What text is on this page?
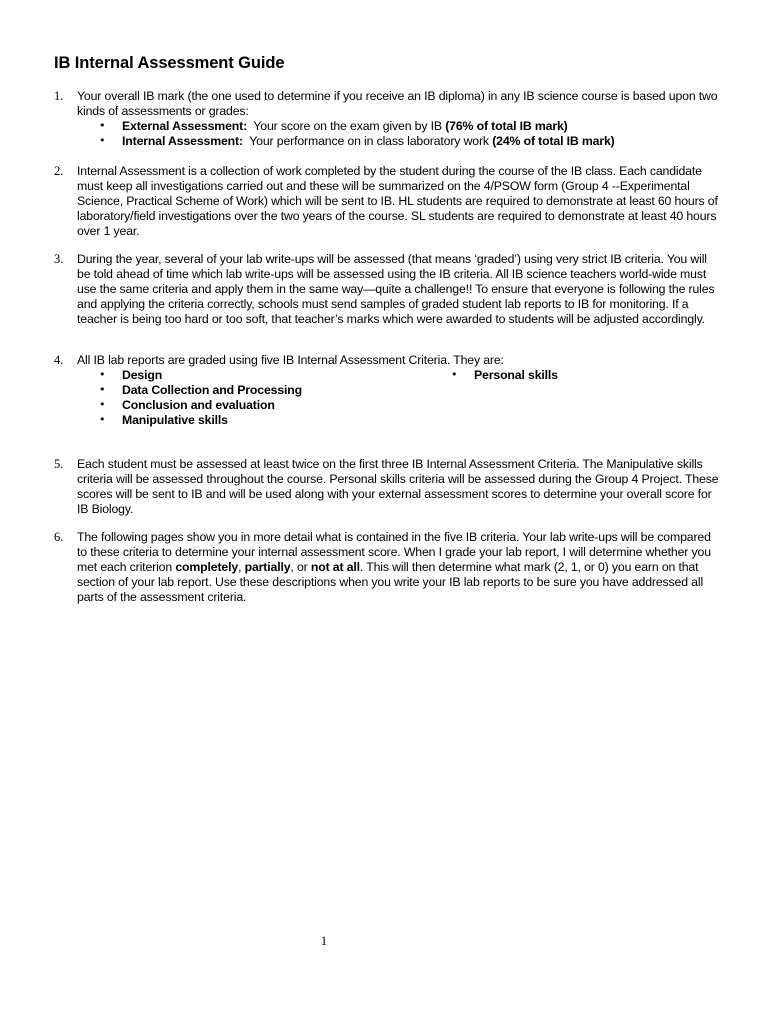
IB Internal Assessment Guide
1. Your overall IB mark (the one used to determine if you receive an IB diploma) in any IB science course is based upon two kinds of assessments or grades:
• External Assessment:  Your score on the exam given by IB (76% of total IB mark)
• Internal Assessment:  Your performance on in class laboratory work (24% of total IB mark)
2. Internal Assessment is a collection of work completed by the student during the course of the IB class. Each candidate must keep all investigations carried out and these will be summarized on the 4/PSOW form (Group 4 --Experimental Science, Practical Scheme of Work) which will be sent to IB. HL students are required to demonstrate at least 60 hours of laboratory/field investigations over the two years of the course. SL students are required to demonstrate at least 40 hours over 1 year.
3. During the year, several of your lab write-ups will be assessed (that means ‘graded’) using very strict IB criteria. You will be told ahead of time which lab write-ups will be assessed using the IB criteria. All IB science teachers world-wide must use the same criteria and apply them in the same way—quite a challenge!! To ensure that everyone is following the rules and applying the criteria correctly, schools must send samples of graded student lab reports to IB for monitoring. If a teacher is being too hard or too soft, that teacher’s marks which were awarded to students will be adjusted accordingly.
4. All IB lab reports are graded using five IB Internal Assessment Criteria. They are:
• Design
• Data Collection and Processing
• Conclusion and evaluation
• Manipulative skills
• Personal skills
5. Each student must be assessed at least twice on the first three IB Internal Assessment Criteria. The Manipulative skills criteria will be assessed throughout the course. Personal skills criteria will be assessed during the Group 4 Project. These scores will be sent to IB and will be used along with your external assessment scores to determine your overall score for IB Biology.
6. The following pages show you in more detail what is contained in the five IB criteria. Your lab write-ups will be compared to these criteria to determine your internal assessment score. When I grade your lab report, I will determine whether you met each criterion completely, partially, or not at all. This will then determine what mark (2, 1, or 0) you earn on that section of your lab report. Use these descriptions when you write your IB lab reports to be sure you have addressed all parts of the assessment criteria.
1
